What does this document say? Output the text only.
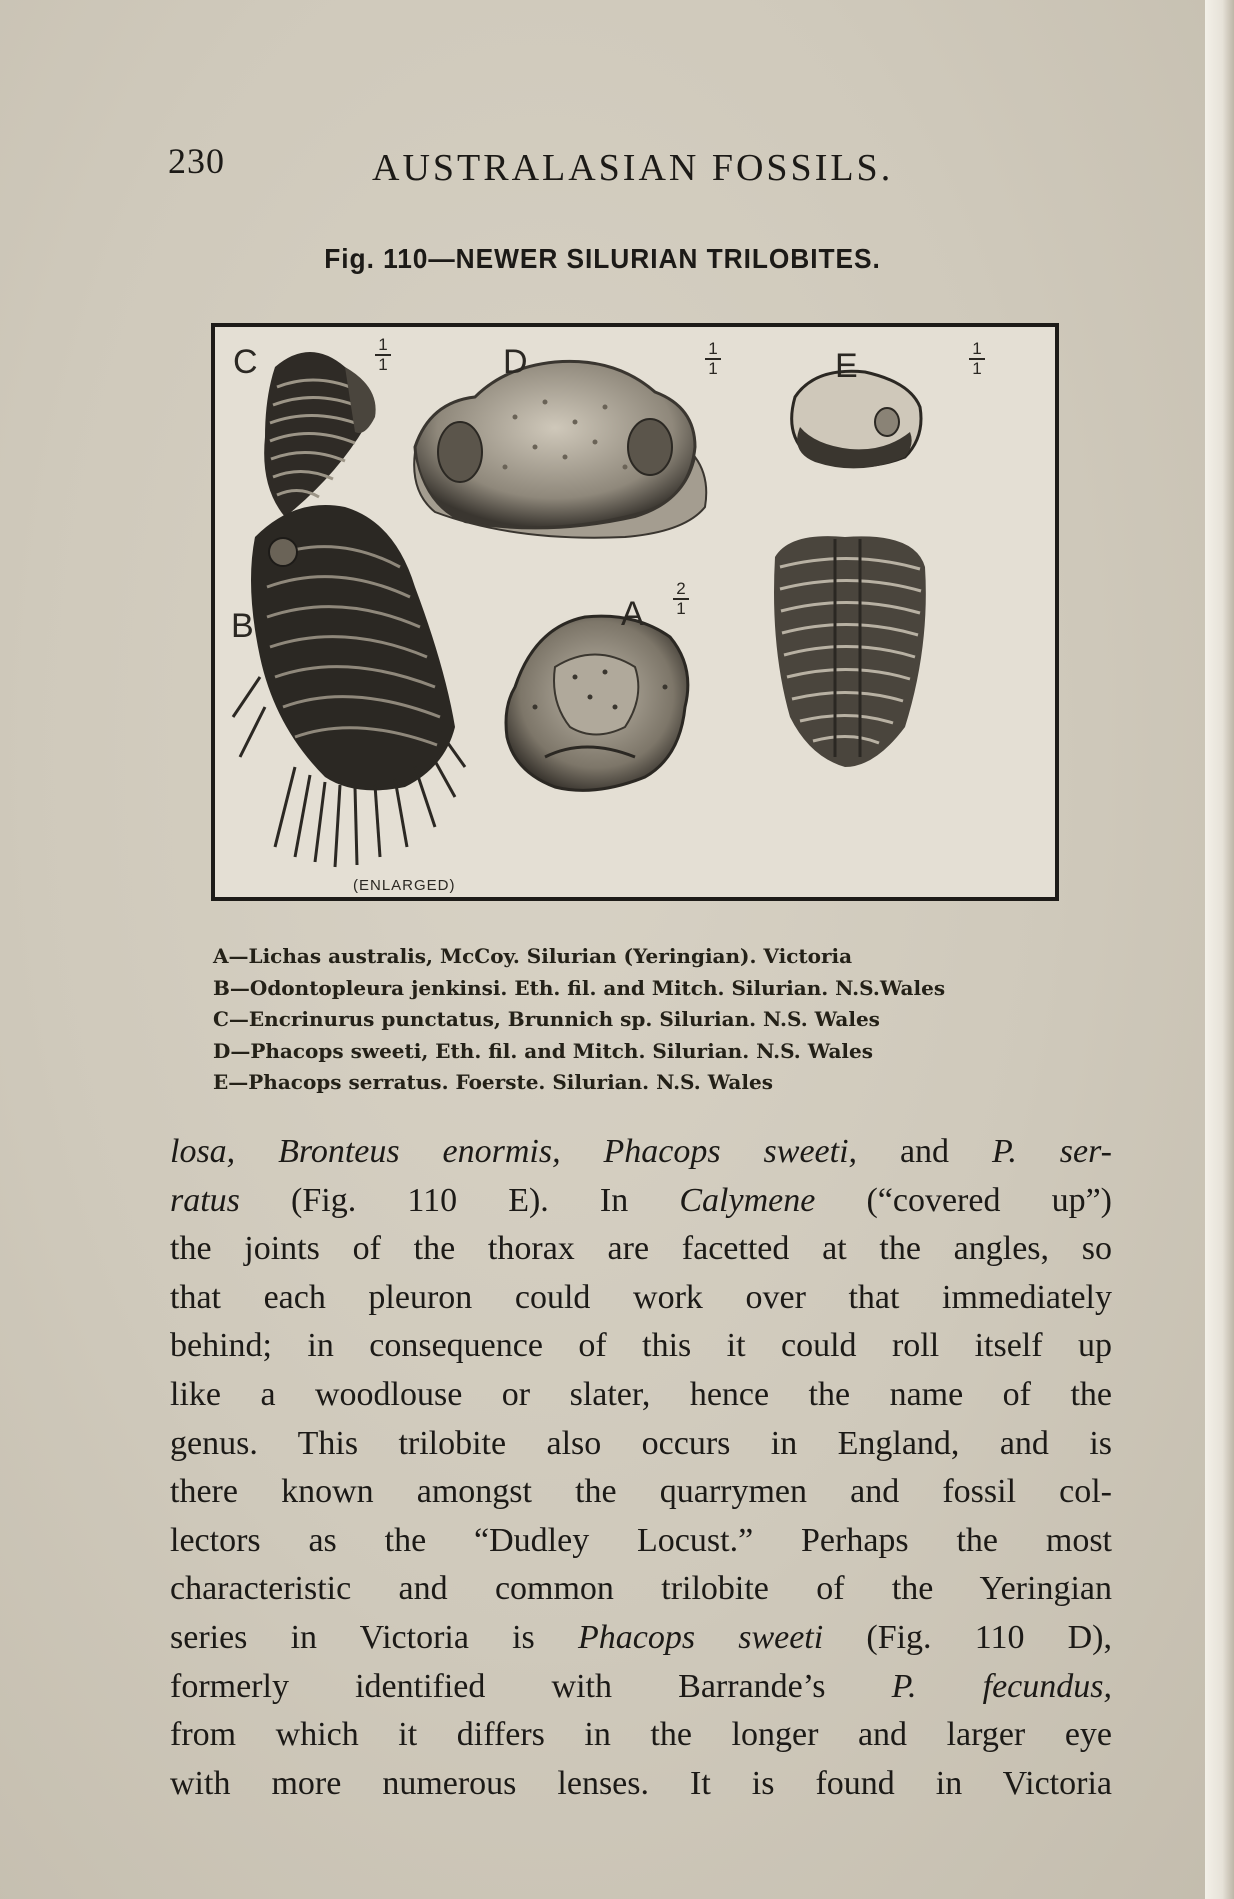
230	AUSTRALASIAN FOSSILS.
Fig. 110—NEWER SILURIAN TRILOBITES.
C	1
1	D	1
1	E	1
1
B	A
2
1
(ENLARGED)
A—Lichas australis, McCoy. Silurian (Yeringian). Victoria
B—Odontopleura jenkinsi. Eth. fil. and Mitch. Silurian. N.S.Wales
C—Encrinurus punctatus, Brunnich sp. Silurian. N.S. Wales
D—Phacops sweeti, Eth. fil. and Mitch. Silurian. N.S. Wales
E—Phacops serratus. Foerste. Silurian. N.S. Wales
losa, Bronteus enormis, Phacops sweeti, and P. ser-
ratus (Fig. 110 E). In Calymene (“covered up”)
the joints of the thorax are facetted at the angles, so
that each pleuron could work over that immediately
behind; in consequence of this it could roll itself up
like a woodlouse or slater, hence the name of the
genus. This trilobite also occurs in England, and is
there known amongst the quarrymen and fossil col-
lectors as the “Dudley Locust.” Perhaps the most
characteristic and common trilobite of the Yeringian
series in Victoria is Phacops sweeti (Fig. 110 D),
formerly identified with Barrande’s P. fecundus,
from which it differs in the longer and larger eye
with more numerous lenses. It is found in Victoria
